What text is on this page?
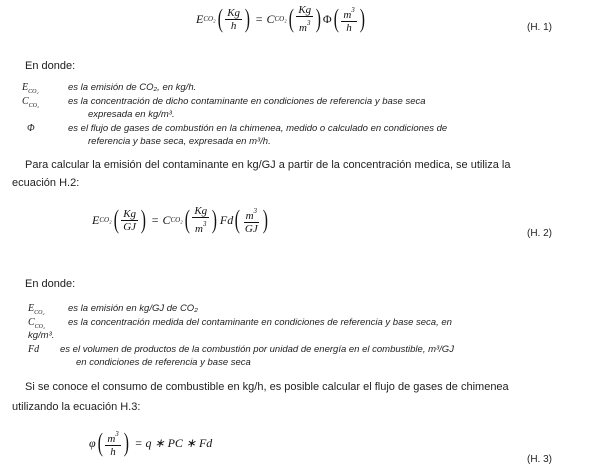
E CO₂ ( $\frac{Kg}{h}$ ) = C CO₂ ( $\frac{Kg}{m^3}$ ) Φ ( $\frac{m^3}{h}$ )	(H. 1)
En donde:
$E_{CO_2}$	es la emisión de CO₂, en kg/h.
$C_{CO_2}$	es la concentración de dicho contaminante en condiciones de referencia y base seca
expresada en kg/m³.
Φ	es el flujo de gases de combustión en la chimenea, medido o calculado en condiciones de
referencia y base seca, expresada en m³/h.
Para calcular la emisión del contaminante en kg/GJ a partir de la concentración medica, se utiliza la
ecuación H.2:
E CO₂ ( $\frac{Kg}{GJ}$ ) = C CO₂ ( $\frac{Kg}{m^3}$ ) Fd ( $\frac{m^3}{GJ}$ )	(H. 2)
En donde:
$E_{CO_2}$ es la emisión en kg/GJ de CO₂
$C_{CO_2}$ es la concentración medida del contaminante en condiciones de referencia y base seca, en
kg/m³.
Fd es el volumen de productos de la combustión por unidad de energía en el combustible, m³/GJ
en condiciones de referencia y base seca
Si se conoce el consumo de combustible en kg/h, es posible calcular el flujo de gases de chimenea
utilizando la ecuación H.3:
φ ( $\frac{m^3}{h}$ ) = q ∗ PC ∗ Fd
(H. 3)
